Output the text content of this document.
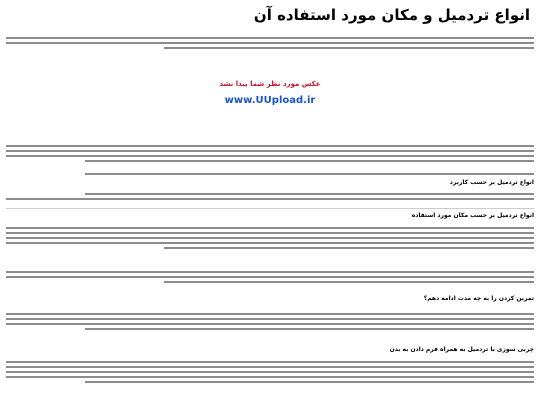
انواع تردمیل و مکان مورد استفاده آن
عکس مورد نظر شما پیدا نشد
www.UUpload.ir
انواع تردمیل بر حسب کاربرد
انواع تردمیل بر حسب مکان مورد استفاده
تمرین کردن را به چه مدت ادامه دهم؟
چربی سوزی با تردمیل به همراه فرم دادن به بدن
